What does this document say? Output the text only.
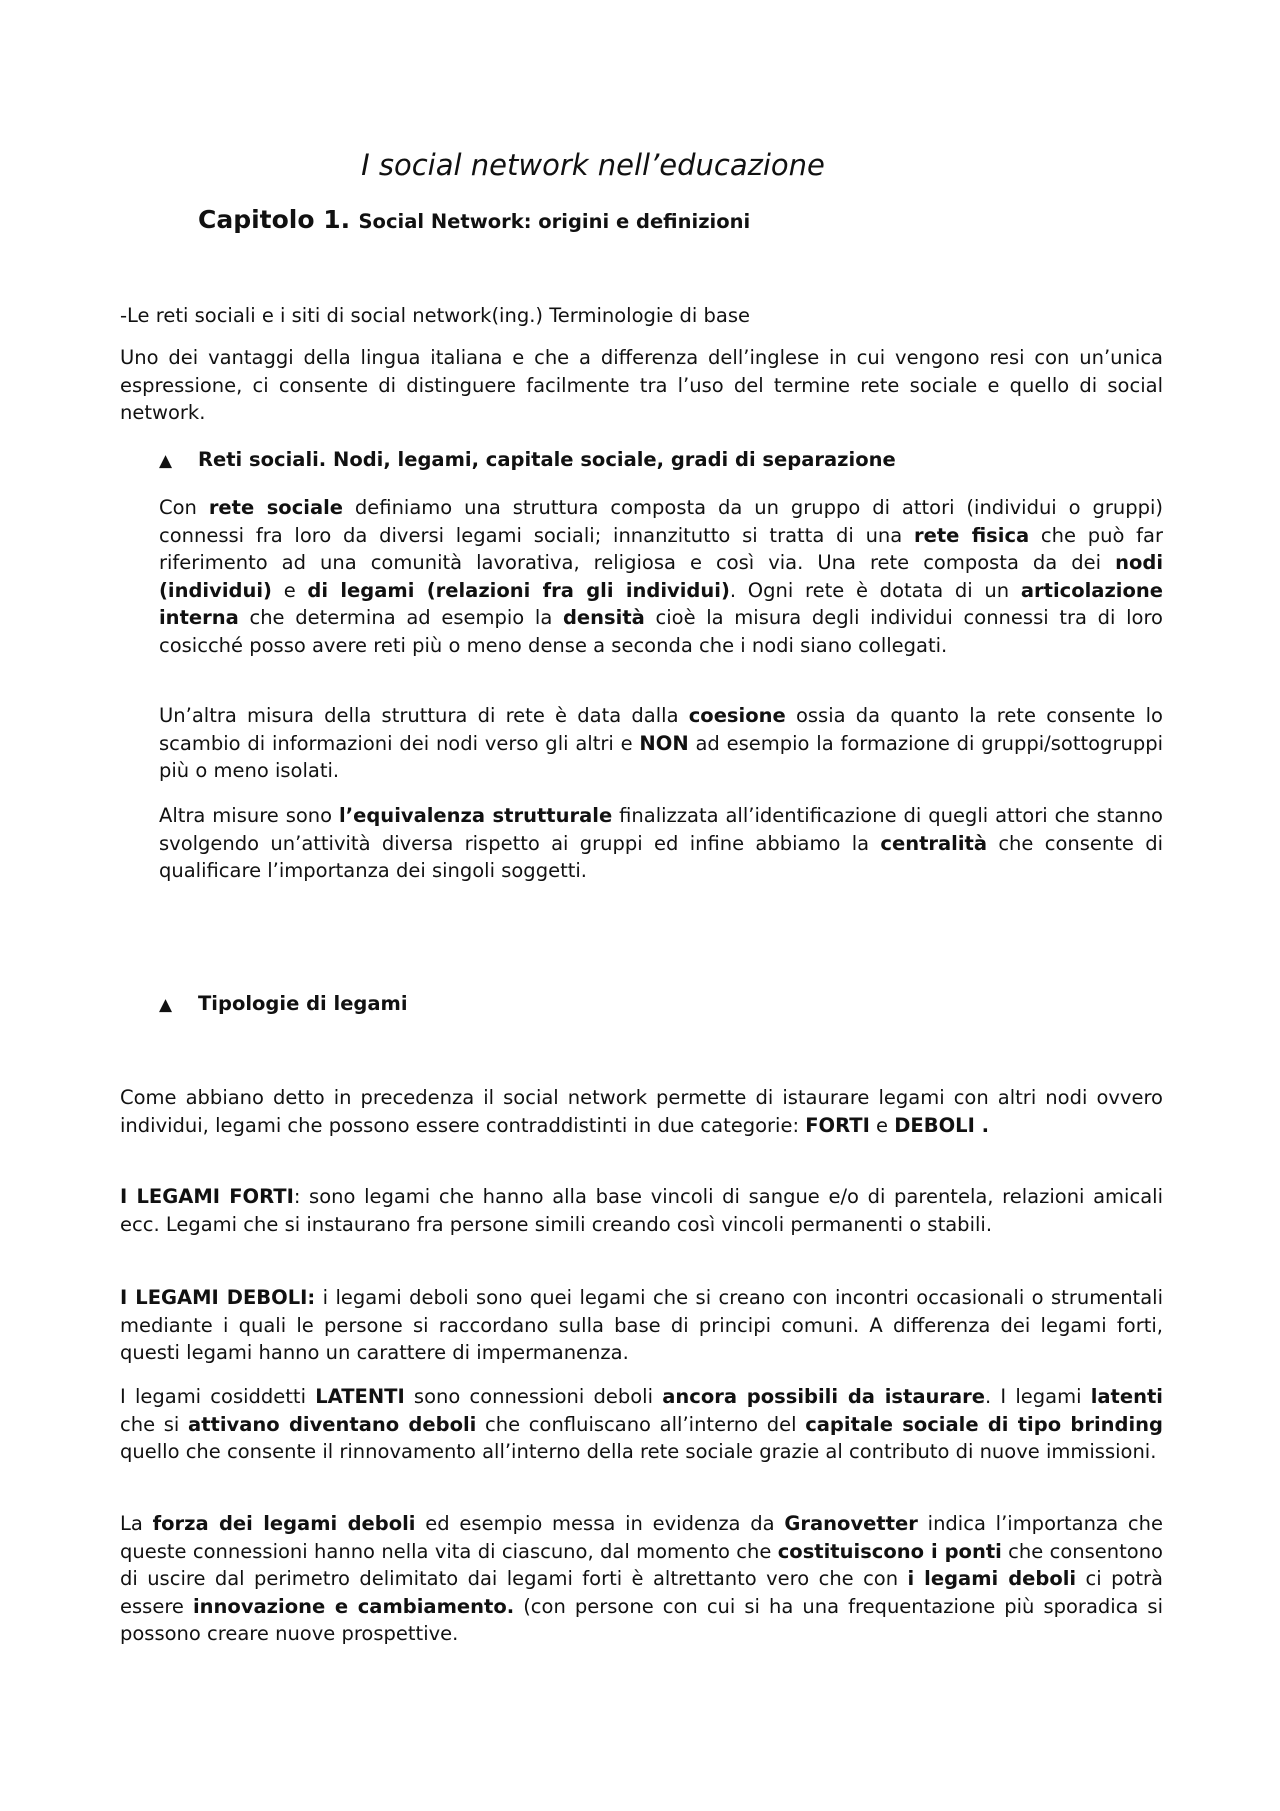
I social network nell’educazione
Capitolo 1. Social Network: origini e definizioni

-Le reti sociali e i siti di social network(ing.) Terminologie di base

Uno dei vantaggi della lingua italiana e che a differenza dell’inglese in cui vengono resi con un’unica espressione, ci consente di distinguere facilmente tra l’uso del termine rete sociale e quello di social network.

▲ Reti sociali. Nodi, legami, capitale sociale, gradi di separazione

Con rete sociale definiamo una struttura composta da un gruppo di attori (individui o gruppi) connessi fra loro da diversi legami sociali; innanzitutto si tratta di una rete fisica che può far riferimento ad una comunità lavorativa, religiosa e così via. Una rete composta da dei nodi (individui) e di legami (relazioni fra gli individui). Ogni rete è dotata di un articolazione interna che determina ad esempio la densità cioè la misura degli individui connessi tra di loro cosicché posso avere reti più o meno dense a seconda che i nodi siano collegati.

Un’altra misura della struttura di rete è data dalla coesione ossia da quanto la rete consente lo scambio di informazioni dei nodi verso gli altri e NON ad esempio la formazione di gruppi/sottogruppi più o meno isolati.

Altra misure sono l’equivalenza strutturale finalizzata all’identificazione di quegli attori che stanno svolgendo un’attività diversa rispetto ai gruppi ed infine abbiamo la centralità che consente di qualificare l’importanza dei singoli soggetti.

▲ Tipologie di legami

Come abbiano detto in precedenza il social network permette di istaurare legami con altri nodi ovvero individui, legami che possono essere contraddistinti in due categorie: FORTI e DEBOLI .

I LEGAMI FORTI: sono legami che hanno alla base vincoli di sangue e/o di parentela, relazioni amicali ecc. Legami che si instaurano fra persone simili creando così vincoli permanenti o stabili.

I LEGAMI DEBOLI: i legami deboli sono quei legami che si creano con incontri occasionali o strumentali mediante i quali le persone si raccordano sulla base di principi comuni. A differenza dei legami forti, questi legami hanno un carattere di impermanenza.

I legami cosiddetti LATENTI sono connessioni deboli ancora possibili da istaurare. I legami latenti che si attivano diventano deboli che confluiscano all’interno del capitale sociale di tipo brinding quello che consente il rinnovamento all’interno della rete sociale grazie al contributo di nuove immissioni.

La forza dei legami deboli ed esempio messa in evidenza da Granovetter indica l’importanza che queste connessioni hanno nella vita di ciascuno, dal momento che costituiscono i ponti che consentono di uscire dal perimetro delimitato dai legami forti è altrettanto vero che con i legami deboli ci potrà essere innovazione e cambiamento. (con persone con cui si ha una frequentazione più sporadica si possono creare nuove prospettive.
